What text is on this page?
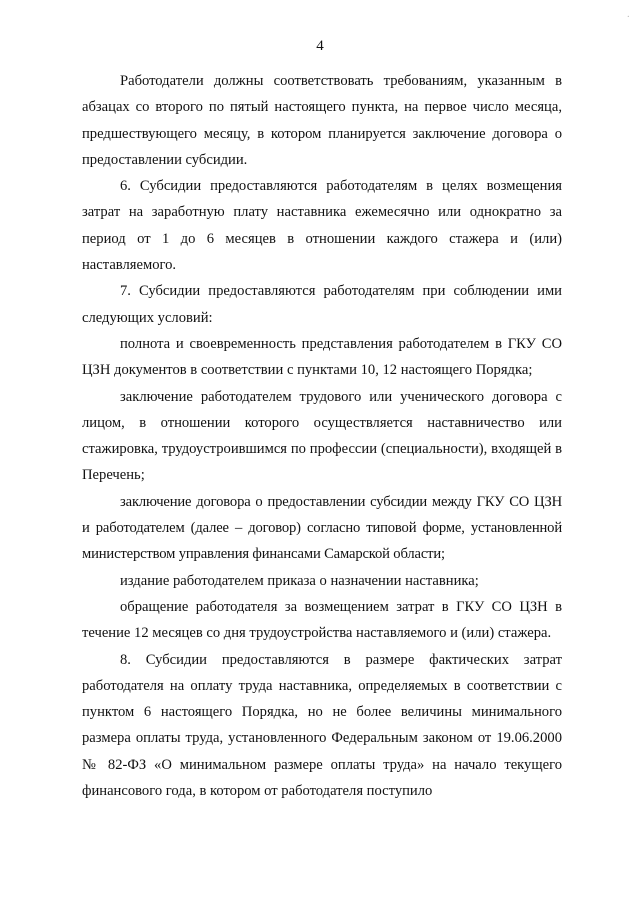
·
4

Работодатели должны соответствовать требованиям, указанным в абзацах со второго по пятый настоящего пункта, на первое число месяца, предшествующего месяцу, в котором планируется заключение договора о предоставлении субсидии.

6. Субсидии предоставляются работодателям в целях возмещения затрат на заработную плату наставника ежемесячно или однократно за период от 1 до 6 месяцев в отношении каждого стажера и (или) наставляемого.

7. Субсидии предоставляются работодателям при соблюдении ими следующих условий:

полнота и своевременность представления работодателем в ГКУ СО ЦЗН документов в соответствии с пунктами 10, 12 настоящего Порядка;

заключение работодателем трудового или ученического договора с лицом, в отношении которого осуществляется наставничество или стажировка, трудоустроившимся по профессии (специальности), входящей в Перечень;

заключение договора о предоставлении субсидии между ГКУ СО ЦЗН и работодателем (далее – договор) согласно типовой форме, установленной министерством управления финансами Самарской области;

издание работодателем приказа о назначении наставника;

обращение работодателя за возмещением затрат в ГКУ СО ЦЗН в течение 12 месяцев со дня трудоустройства наставляемого и (или) стажера.

8. Субсидии предоставляются в размере фактических затрат работодателя на оплату труда наставника, определяемых в соответствии с пунктом 6 настоящего Порядка, но не более величины минимального размера оплаты труда, установленного Федеральным законом от 19.06.2000 № 82-ФЗ «О минимальном размере оплаты труда» на начало текущего финансового года, в котором от работодателя поступило
